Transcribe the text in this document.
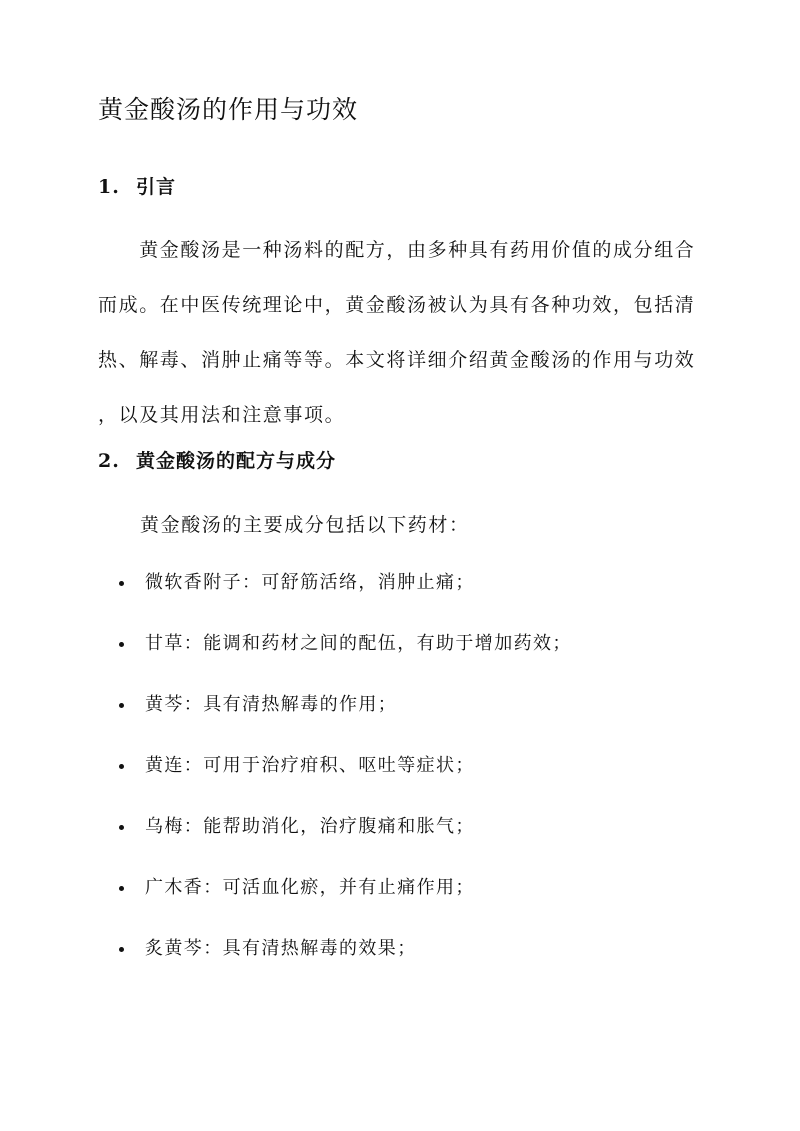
黄金酸汤的作用与功效
1. 引言
　　黄金酸汤是一种汤料的配方，由多种具有药用价值的成分组合
而成。在中医传统理论中，黄金酸汤被认为具有各种功效，包括清
热、解毒、消肿止痛等等。本文将详细介绍黄金酸汤的作用与功效
，以及其用法和注意事项。
2. 黄金酸汤的配方与成分

黄金酸汤的主要成分包括以下药材：

微软香附子：可舒筋活络，消肿止痛；
甘草：能调和药材之间的配伍，有助于增加药效；
黄芩：具有清热解毒的作用；
黄连：可用于治疗疳积、呕吐等症状；
乌梅：能帮助消化，治疗腹痛和胀气；
广木香：可活血化瘀，并有止痛作用；
炙黄芩：具有清热解毒的效果；
